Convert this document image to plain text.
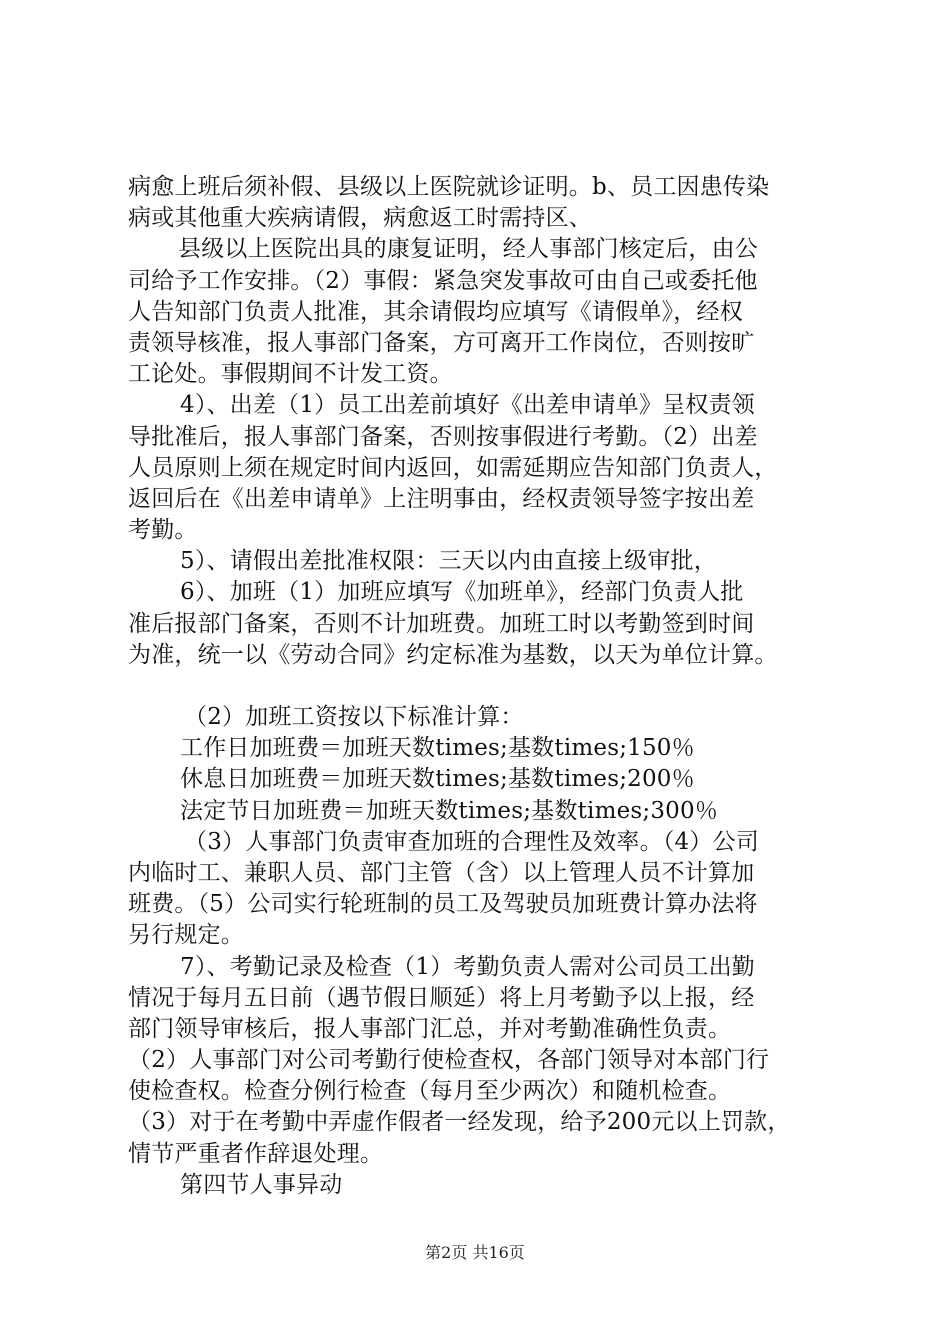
病愈上班后须补假、县级以上医院就诊证明。b、员工因患传染
病或其他重大疾病请假，病愈返工时需持区、
县级以上医院出具的康复证明，经人事部门核定后，由公
司给予工作安排。（2）事假：紧急突发事故可由自己或委托他
人告知部门负责人批准，其余请假均应填写《请假单》，经权
责领导核准，报人事部门备案，方可离开工作岗位，否则按旷
工论处。事假期间不计发工资。
4）、出差（1）员工出差前填好《出差申请单》呈权责领
导批准后，报人事部门备案，否则按事假进行考勤。（2）出差
人员原则上须在规定时间内返回，如需延期应告知部门负责人，
返回后在《出差申请单》上注明事由，经权责领导签字按出差
考勤。
5）、请假出差批准权限：三天以内由直接上级审批，
6）、加班（1）加班应填写《加班单》，经部门负责人批
准后报部门备案，否则不计加班费。加班工时以考勤签到时间
为准，统一以《劳动合同》约定标准为基数，以天为单位计算。
（2）加班工资按以下标准计算：
工作日加班费＝加班天数times;基数times;150％
休息日加班费＝加班天数times;基数times;200％
法定节日加班费＝加班天数times;基数times;300％
（3）人事部门负责审查加班的合理性及效率。（4）公司
内临时工、兼职人员、部门主管（含）以上管理人员不计算加
班费。（5）公司实行轮班制的员工及驾驶员加班费计算办法将
另行规定。
7）、考勤记录及检查（1）考勤负责人需对公司员工出勤
情况于每月五日前（遇节假日顺延）将上月考勤予以上报，经
部门领导审核后，报人事部门汇总，并对考勤准确性负责。
（2）人事部门对公司考勤行使检查权，各部门领导对本部门行
使检查权。检查分例行检查（每月至少两次）和随机检查。
（3）对于在考勤中弄虚作假者一经发现，给予200元以上罚款，
情节严重者作辞退处理。
第四节人事异动
第2页 共16页
